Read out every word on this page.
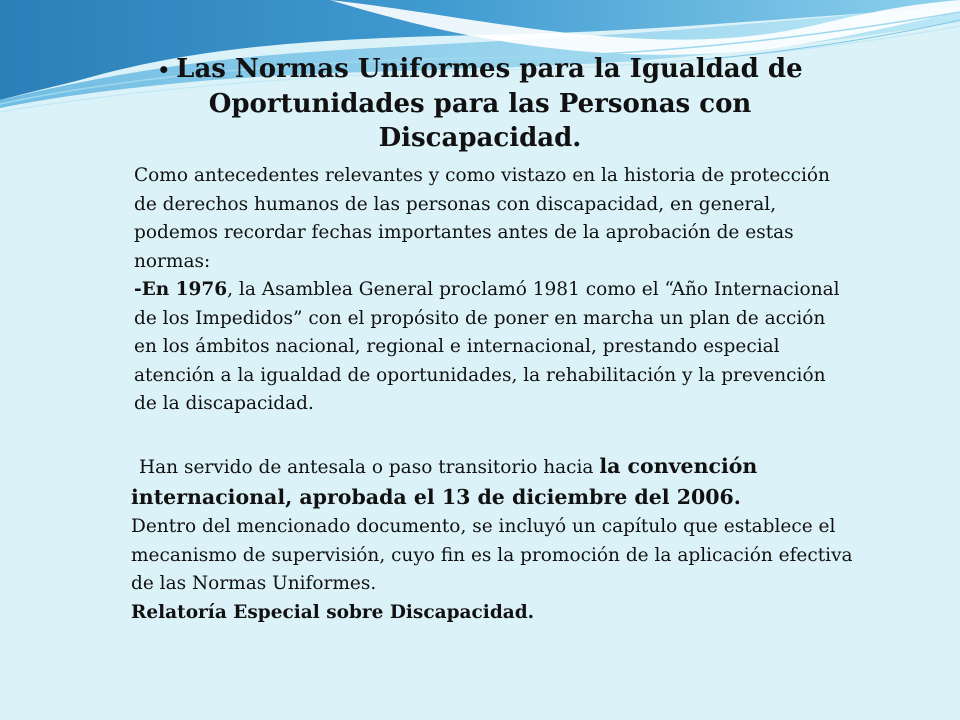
• Las Normas Uniformes para la Igualdad de Oportunidades para las Personas con Discapacidad.

Como antecedentes relevantes y como vistazo en la historia de protección de derechos humanos de las personas con discapacidad, en general, podemos recordar fechas importantes antes de la aprobación de estas normas:

-En 1976, la Asamblea General proclamó 1981 como el “Año Internacional de los Impedidos” con el propósito de poner en marcha un plan de acción en los ámbitos nacional, regional e internacional, prestando especial atención a la igualdad de oportunidades, la rehabilitación y la prevención de la discapacidad.

Han servido de antesala o paso transitorio hacia la convención internacional, aprobada el 13 de diciembre del 2006.
Dentro del mencionado documento, se incluyó un capítulo que establece el mecanismo de supervisión, cuyo fin es la promoción de la aplicación efectiva de las Normas Uniformes.
Relatoría Especial sobre Discapacidad.
